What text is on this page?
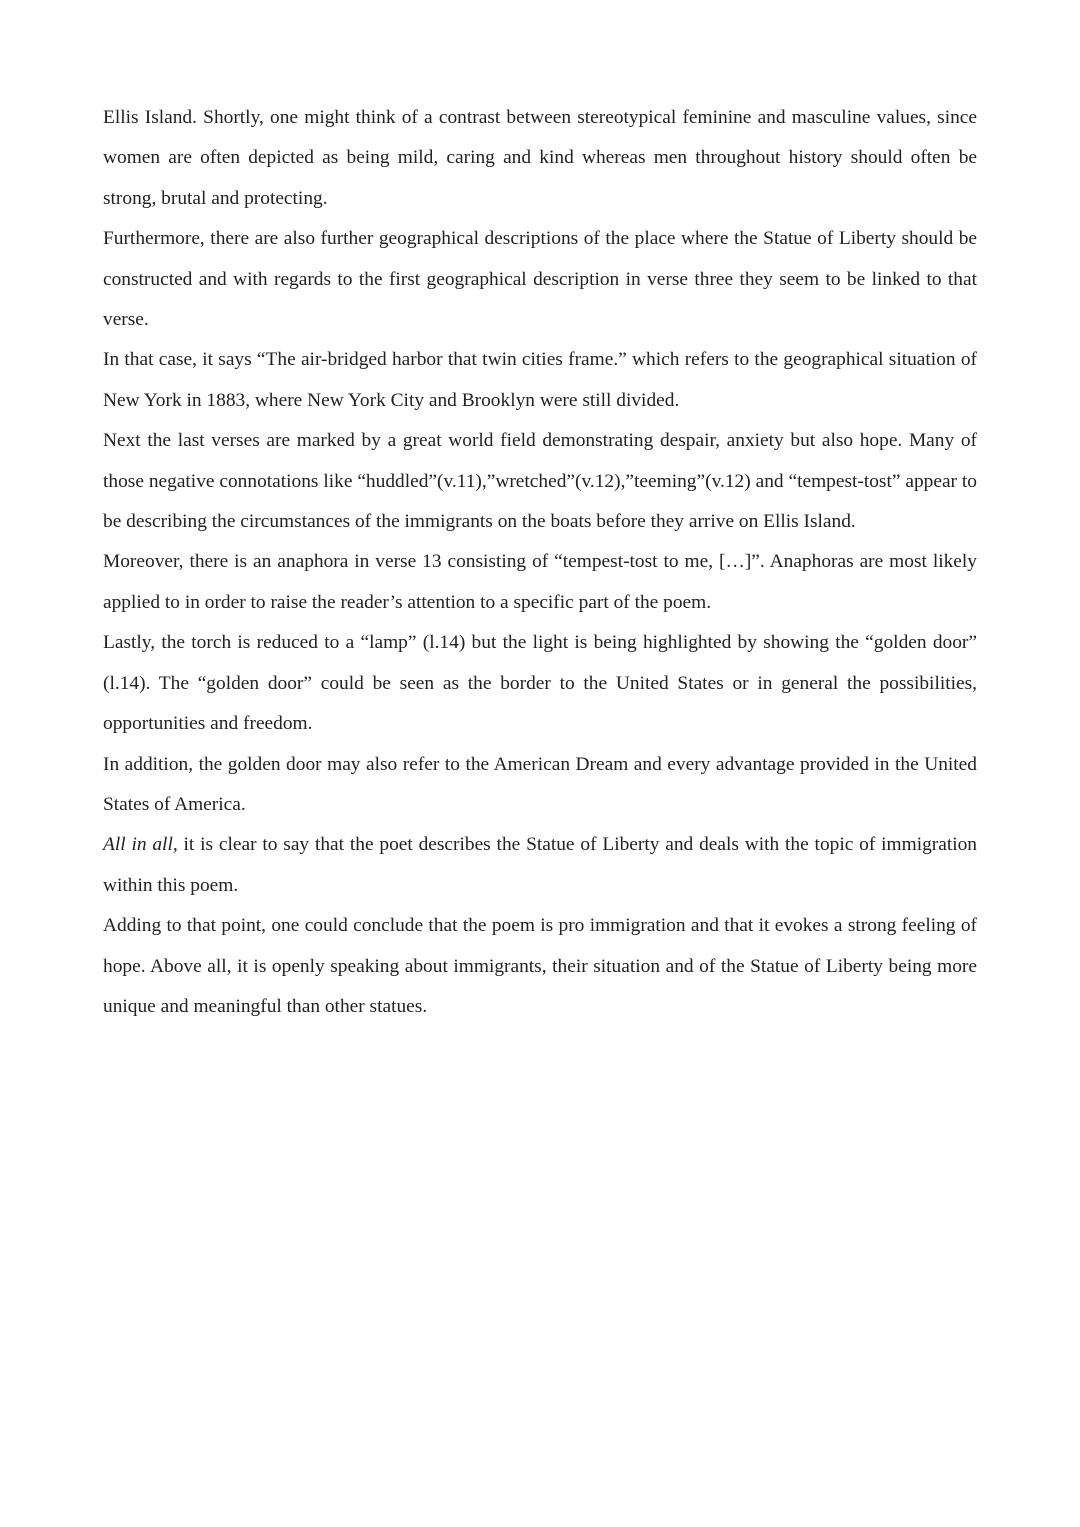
Ellis Island. Shortly, one might think of a contrast between stereotypical feminine and masculine values, since women are often depicted as being mild, caring and kind whereas men throughout history should often be strong, brutal and protecting.

Furthermore, there are also further geographical descriptions of the place where the Statue of Liberty should be constructed and with regards to the first geographical description in verse three they seem to be linked to that verse.

In that case, it says “The air-bridged harbor that twin cities frame.” which refers to the geographical situation of New York in 1883, where New York City and Brooklyn were still divided.

Next the last verses are marked by a great world field demonstrating despair, anxiety but also hope. Many of those negative connotations like “huddled”(v.11),”wretched”(v.12),”teeming”(v.12) and “tempest-tost” appear to be describing the circumstances of the immigrants on the boats before they arrive on Ellis Island.

Moreover, there is an anaphora in verse 13 consisting of “tempest-tost to me, […]”. Anaphoras are most likely applied to in order to raise the reader’s attention to a specific part of the poem.

Lastly, the torch is reduced to a “lamp” (l.14) but the light is being highlighted by showing the “golden door” (l.14). The “golden door” could be seen as the border to the United States or in general the possibilities, opportunities and freedom.

In addition, the golden door may also refer to the American Dream and every advantage provided in the United States of America.

All in all, it is clear to say that the poet describes the Statue of Liberty and deals with the topic of immigration within this poem.

Adding to that point, one could conclude that the poem is pro immigration and that it evokes a strong feeling of hope. Above all, it is openly speaking about immigrants, their situation and of the Statue of Liberty being more unique and meaningful than other statues.
